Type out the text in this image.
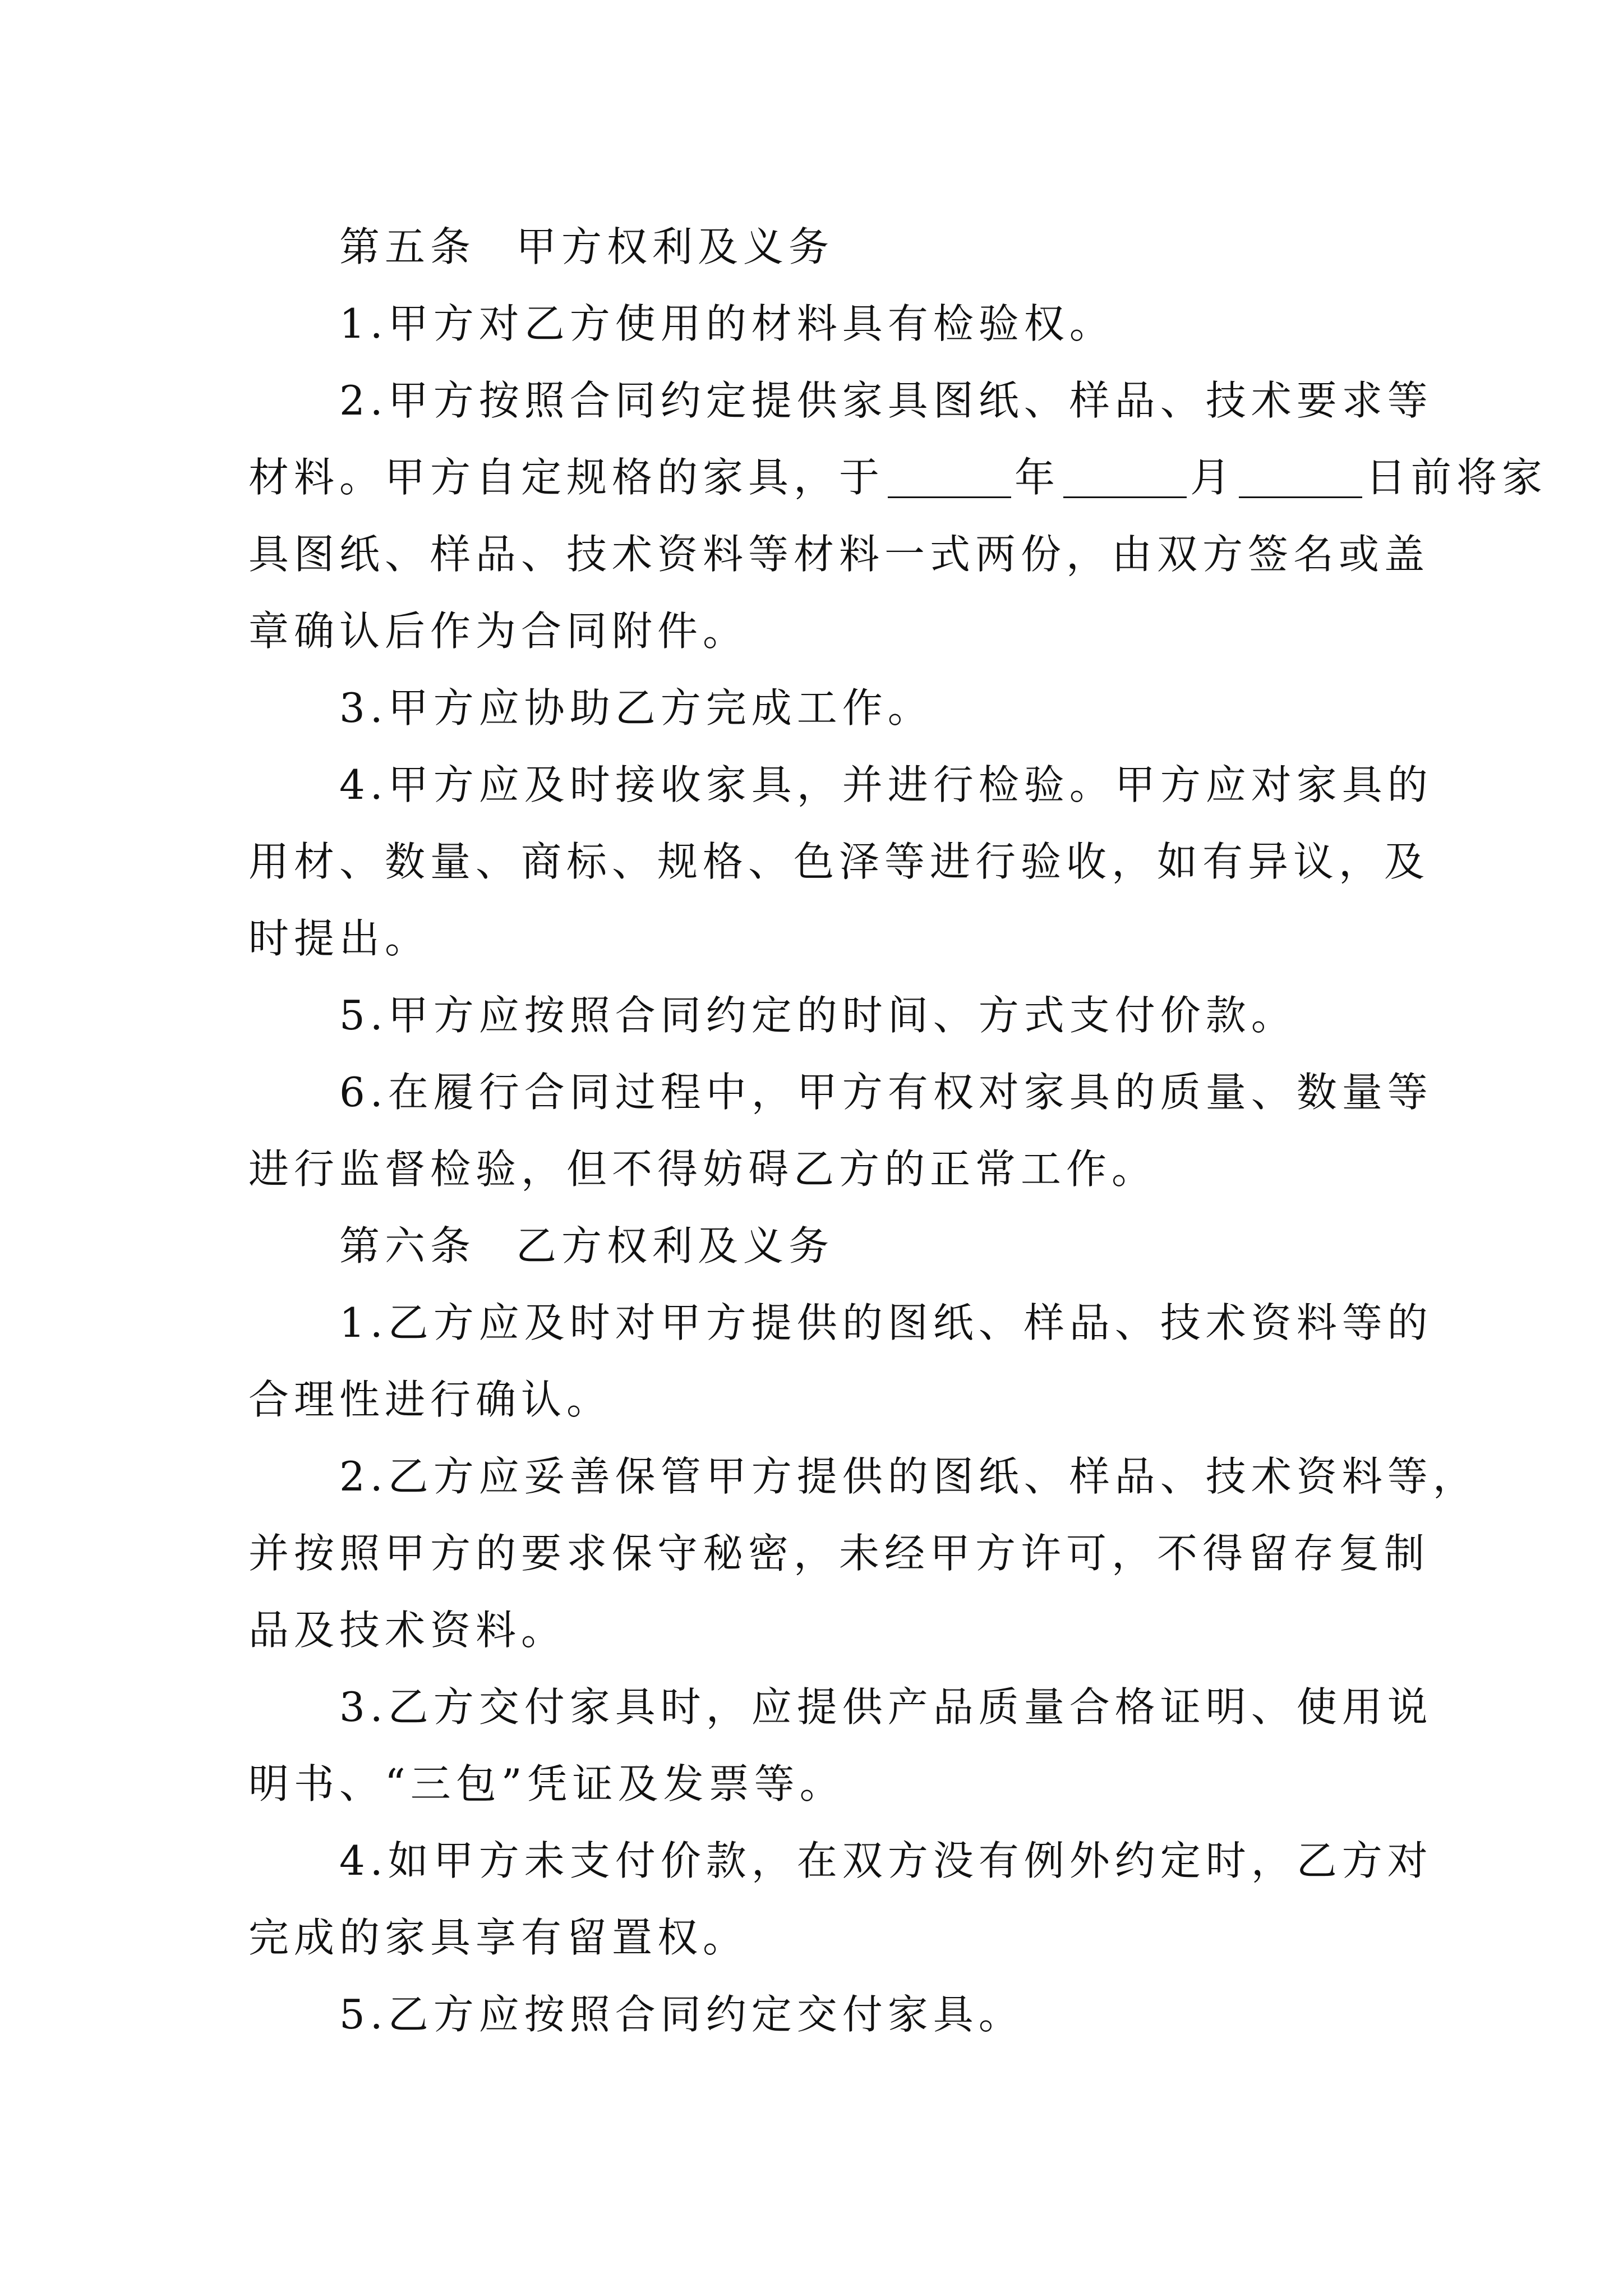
第五条 甲方权利及义务

1.甲方对乙方使用的材料具有检验权。

2.甲方按照合同约定提供家具图纸、样品、技术要求等

材料。甲方自定规格的家具，于	年	月	日前将家

具图纸、样品、技术资料等材料一式两份，由双方签名或盖

章确认后作为合同附件。

3.甲方应协助乙方完成工作。

4.甲方应及时接收家具，并进行检验。甲方应对家具的

用材、数量、商标、规格、色泽等进行验收，如有异议，及

时提出。

5.甲方应按照合同约定的时间、方式支付价款。

6.在履行合同过程中，甲方有权对家具的质量、数量等

进行监督检验，但不得妨碍乙方的正常工作。

第六条 乙方权利及义务

1.乙方应及时对甲方提供的图纸、样品、技术资料等的

合理性进行确认。

2.乙方应妥善保管甲方提供的图纸、样品、技术资料等，

并按照甲方的要求保守秘密，未经甲方许可，不得留存复制

品及技术资料。

3.乙方交付家具时，应提供产品质量合格证明、使用说

明书、“三包”凭证及发票等。

4.如甲方未支付价款，在双方没有例外约定时，乙方对

完成的家具享有留置权。

5.乙方应按照合同约定交付家具。
